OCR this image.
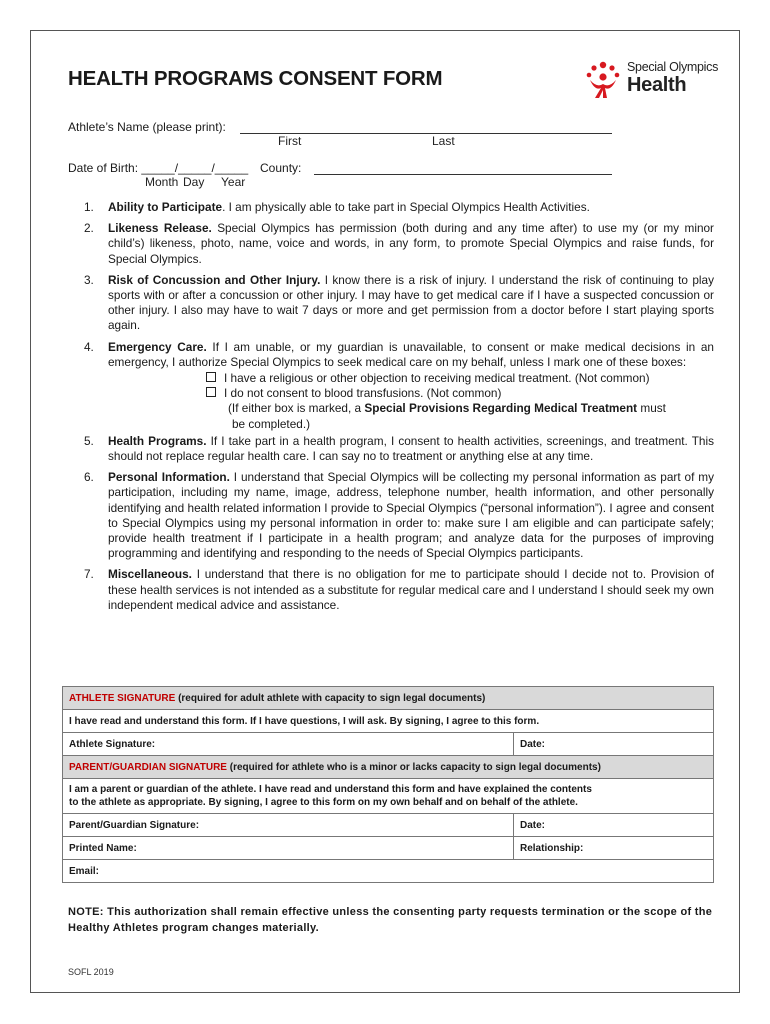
HEALTH PROGRAMS CONSENT FORM	Special Olympics
Health
Athlete’s Name (please print):
First	Last
Date of Birth: _____/_____/_____
Month Day Year
County:
1. Ability to Participate. I am physically able to take part in Special Olympics Health Activities.
2. Likeness Release. Special Olympics has permission (both during and any time after) to use my (or my minor child’s) likeness, photo, name, voice and words, in any form, to promote Special Olympics and raise funds, for Special Olympics.
3. Risk of Concussion and Other Injury. I know there is a risk of injury. I understand the risk of continuing to play sports with or after a concussion or other injury. I may have to get medical care if I have a suspected concussion or other injury. I also may have to wait 7 days or more and get permission from a doctor before I start playing sports again.
4. Emergency Care. If I am unable, or my guardian is unavailable, to consent or make medical decisions in an emergency, I authorize Special Olympics to seek medical care on my behalf, unless I mark one of these boxes:
I have a religious or other objection to receiving medical treatment. (Not common)
I do not consent to blood transfusions. (Not common)
(If either box is marked, a Special Provisions Regarding Medical Treatment must
be completed.)
5. Health Programs. If I take part in a health program, I consent to health activities, screenings, and treatment. This should not replace regular health care. I can say no to treatment or anything else at any time.
6. Personal Information. I understand that Special Olympics will be collecting my personal information as part of my participation, including my name, image, address, telephone number, health information, and other personally identifying and health related information I provide to Special Olympics (“personal information”). I agree and consent to Special Olympics using my personal information in order to: make sure I am eligible and can participate safely; provide health treatment if I participate in a health program; and analyze data for the purposes of improving programming and identifying and responding to the needs of Special Olympics participants.
7. Miscellaneous. I understand that there is no obligation for me to participate should I decide not to. Provision of these health services is not intended as a substitute for regular medical care and I understand I should seek my own independent medical advice and assistance.
ATHLETE SIGNATURE (required for adult athlete with capacity to sign legal documents)	
I have read and understand this form. If I have questions, I will ask. By signing, I agree to this form.	
Athlete Signature:	Date:
PARENT/GUARDIAN SIGNATURE (required for athlete who is a minor or lacks capacity to sign legal documents)	

I am a parent or guardian of the athlete. I have read and understand this form and have explained the contents
to the athlete as appropriate. By signing, I agree to this form on my own behalf and on behalf of the athlete.	

Parent/Guardian Signature:	Date:
Printed Name:	Relationship:
Email:	
NOTE: This authorization shall remain effective unless the consenting party requests termination or the scope of the Healthy Athletes program changes materially.
SOFL 2019
